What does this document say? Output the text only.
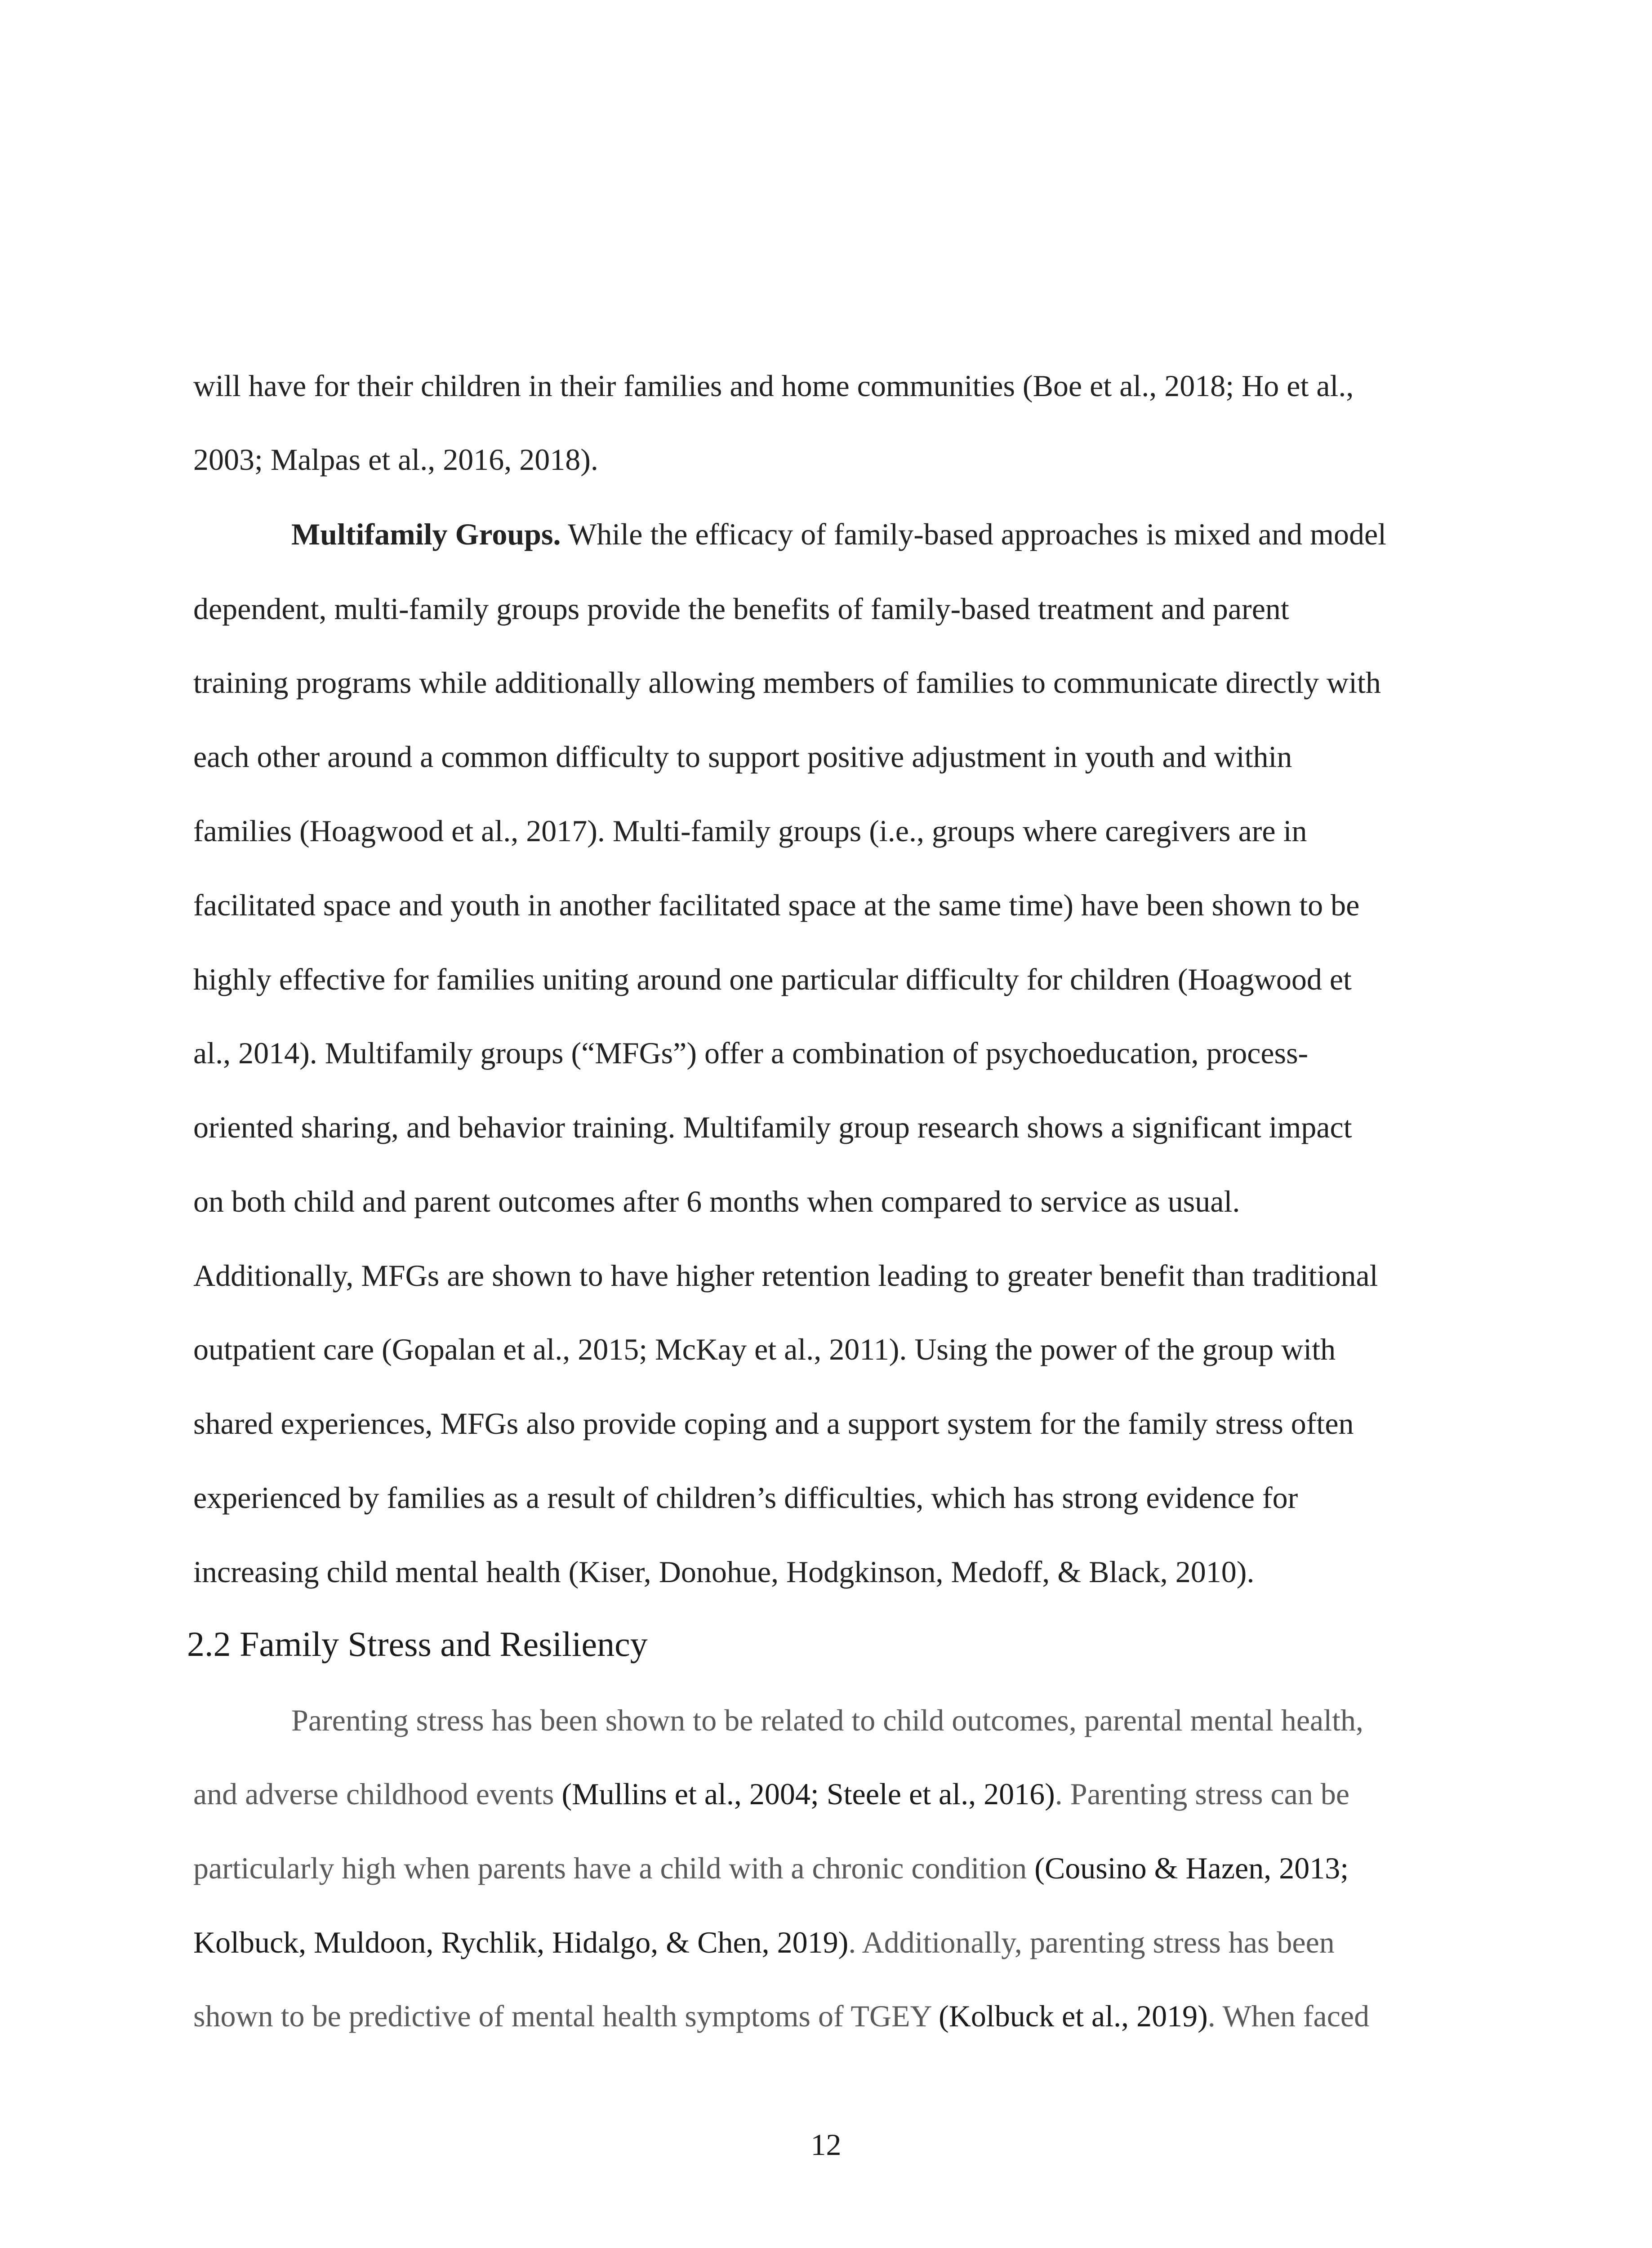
will have for their children in their families and home communities (Boe et al., 2018; Ho et al.,
2003; Malpas et al., 2016, 2018).
Multifamily Groups. While the efficacy of family-based approaches is mixed and model
dependent, multi-family groups provide the benefits of family-based treatment and parent
training programs while additionally allowing members of families to communicate directly with
each other around a common difficulty to support positive adjustment in youth and within
families (Hoagwood et al., 2017). Multi-family groups (i.e., groups where caregivers are in
facilitated space and youth in another facilitated space at the same time) have been shown to be
highly effective for families uniting around one particular difficulty for children (Hoagwood et
al., 2014). Multifamily groups (“MFGs”) offer a combination of psychoeducation, process-
oriented sharing, and behavior training. Multifamily group research shows a significant impact
on both child and parent outcomes after 6 months when compared to service as usual.
Additionally, MFGs are shown to have higher retention leading to greater benefit than traditional
outpatient care (Gopalan et al., 2015; McKay et al., 2011). Using the power of the group with
shared experiences, MFGs also provide coping and a support system for the family stress often
experienced by families as a result of children’s difficulties, which has strong evidence for
increasing child mental health (Kiser, Donohue, Hodgkinson, Medoff, & Black, 2010).
2.2 Family Stress and Resiliency
Parenting stress has been shown to be related to child outcomes, parental mental health,
and adverse childhood events (Mullins et al., 2004; Steele et al., 2016). Parenting stress can be
particularly high when parents have a child with a chronic condition (Cousino & Hazen, 2013;
Kolbuck, Muldoon, Rychlik, Hidalgo, & Chen, 2019). Additionally, parenting stress has been
shown to be predictive of mental health symptoms of TGEY (Kolbuck et al., 2019). When faced
12
